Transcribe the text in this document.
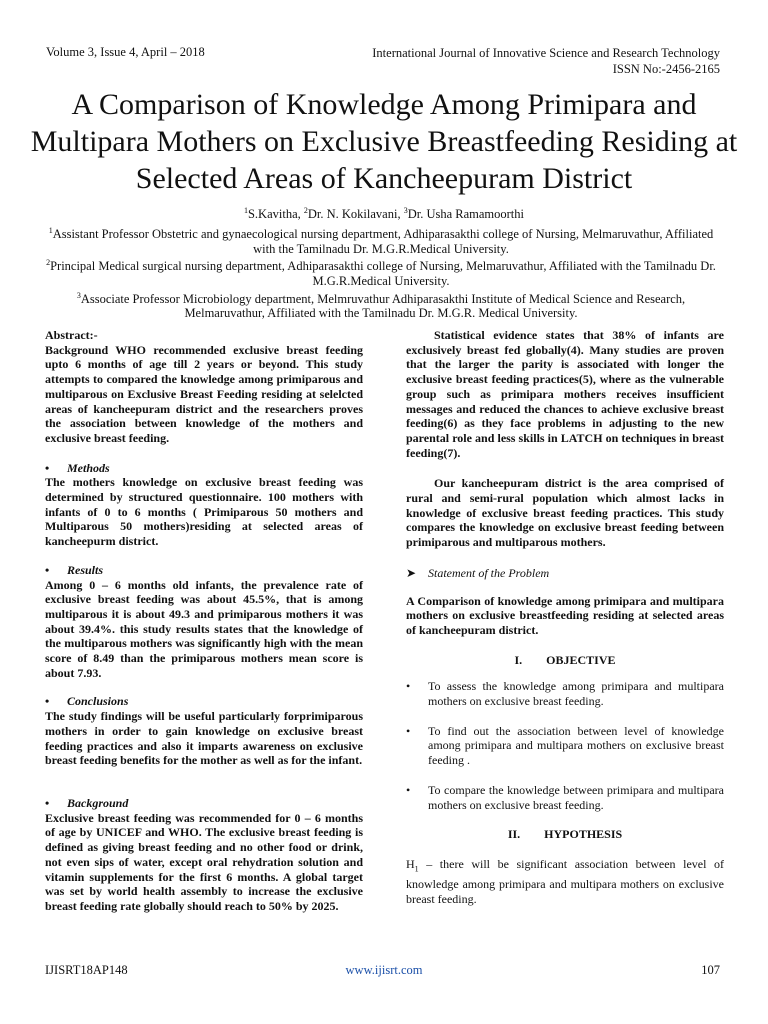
Volume 3, Issue 4, April – 2018	International Journal of Innovative Science and Research Technology
ISSN No:-2456-2165
A Comparison of Knowledge Among Primipara and Multipara Mothers on Exclusive Breastfeeding Residing at Selected Areas of Kancheepuram District
$^1$S.Kavitha, $^2$Dr. N. Kokilavani, $^3$Dr. Usha Ramamoorthi

$^1$Assistant Professor Obstetric and gynaecological nursing department, Adhiparasakthi college of Nursing, Melmaruvathur, Affiliated with the Tamilnadu Dr. M.G.R.Medical University.

$^2$Principal Medical surgical nursing department, Adhiparasakthi college of Nursing, Melmaruvathur, Affiliated with the Tamilnadu Dr. M.G.R.Medical University.

$^3$Associate Professor Microbiology department, Melmruvathur Adhiparasakthi Institute of Medical Science and Research, Melmaruvathur, Affiliated with the Tamilnadu Dr. M.G.R. Medical University.

Abstract:-

Background WHO recommended exclusive breast feeding upto 6 months of age till 2 years or beyond. This study attempts to compared the knowledge among primiparous and multiparous on Exclusive Breast Feeding residing at selelcted areas of kancheepuram district and the researchers proves the association between knowledge of the mothers and exclusive breast feeding.

•	Methods

The mothers knowledge on exclusive breast feeding was determined by structured questionnaire. 100 mothers with infants of 0 to 6 months ( Primiparous 50 mothers and Multiparous 50 mothers)residing at selected areas of kancheepurm district.

•	Results

Among 0 – 6 months old infants, the prevalence rate of exclusive breast feeding was about 45.5%, that is among multiparous it is about 49.3 and primiparous mothers it was about 39.4%. this study results states that the knowledge of the multiparous mothers was significantly high with the mean score of 8.49 than the primiparous mothers mean score is about 7.93.

•	Conclusions

The study findings will be useful particularly forprimiparous mothers in order to gain knowledge on exclusive breast feeding practices and also it imparts awareness on exclusive breast feeding benefits for the mother as well as for the infant.

•	Background

Exclusive breast feeding was recommended for 0 – 6 months of age by UNICEF and WHO. The exclusive breast feeding is defined as giving breast feeding and no other food or drink, not even sips of water, except oral rehydration solution and vitamin supplements for the first 6 months. A global target was set by world health assembly to increase the exclusive breast feeding rate globally should reach to 50% by 2025.

Statistical evidence states that 38% of infants are exclusively breast fed globally(4). Many studies are proven that the larger the parity is associated with longer the exclusive breast feeding practices(5), where as the vulnerable group such as primipara mothers receives insufficient messages and reduced the chances to achieve exclusive breast feeding(6) as they face problems in adjusting to the new parental role and less skills in LATCH on techniques in breast feeding(7).

Our kancheepuram district is the area comprised of rural and semi-rural population which almost lacks in knowledge of exclusive breast feeding practices. This study compares the knowledge on exclusive breast feeding between primiparous and multiparous mothers.

➤ Statement of the Problem

A Comparison of knowledge among primipara and multipara mothers on exclusive breastfeeding residing at selected areas of kancheepuram district.

I.        OBJECTIVE

•	To assess the knowledge among primipara and multipara mothers on exclusive breast feeding.
•	To find out the association between level of knowledge among primipara and multipara mothers on exclusive breast feeding .
•	To compare the knowledge between primipara and multipara mothers on exclusive breast feeding.

II.        HYPOTHESIS

$H_1$ – there will be significant association between level of knowledge among primipara and multipara mothers on exclusive breast feeding.

IJISRT18AP148	www.ijisrt.com	107
